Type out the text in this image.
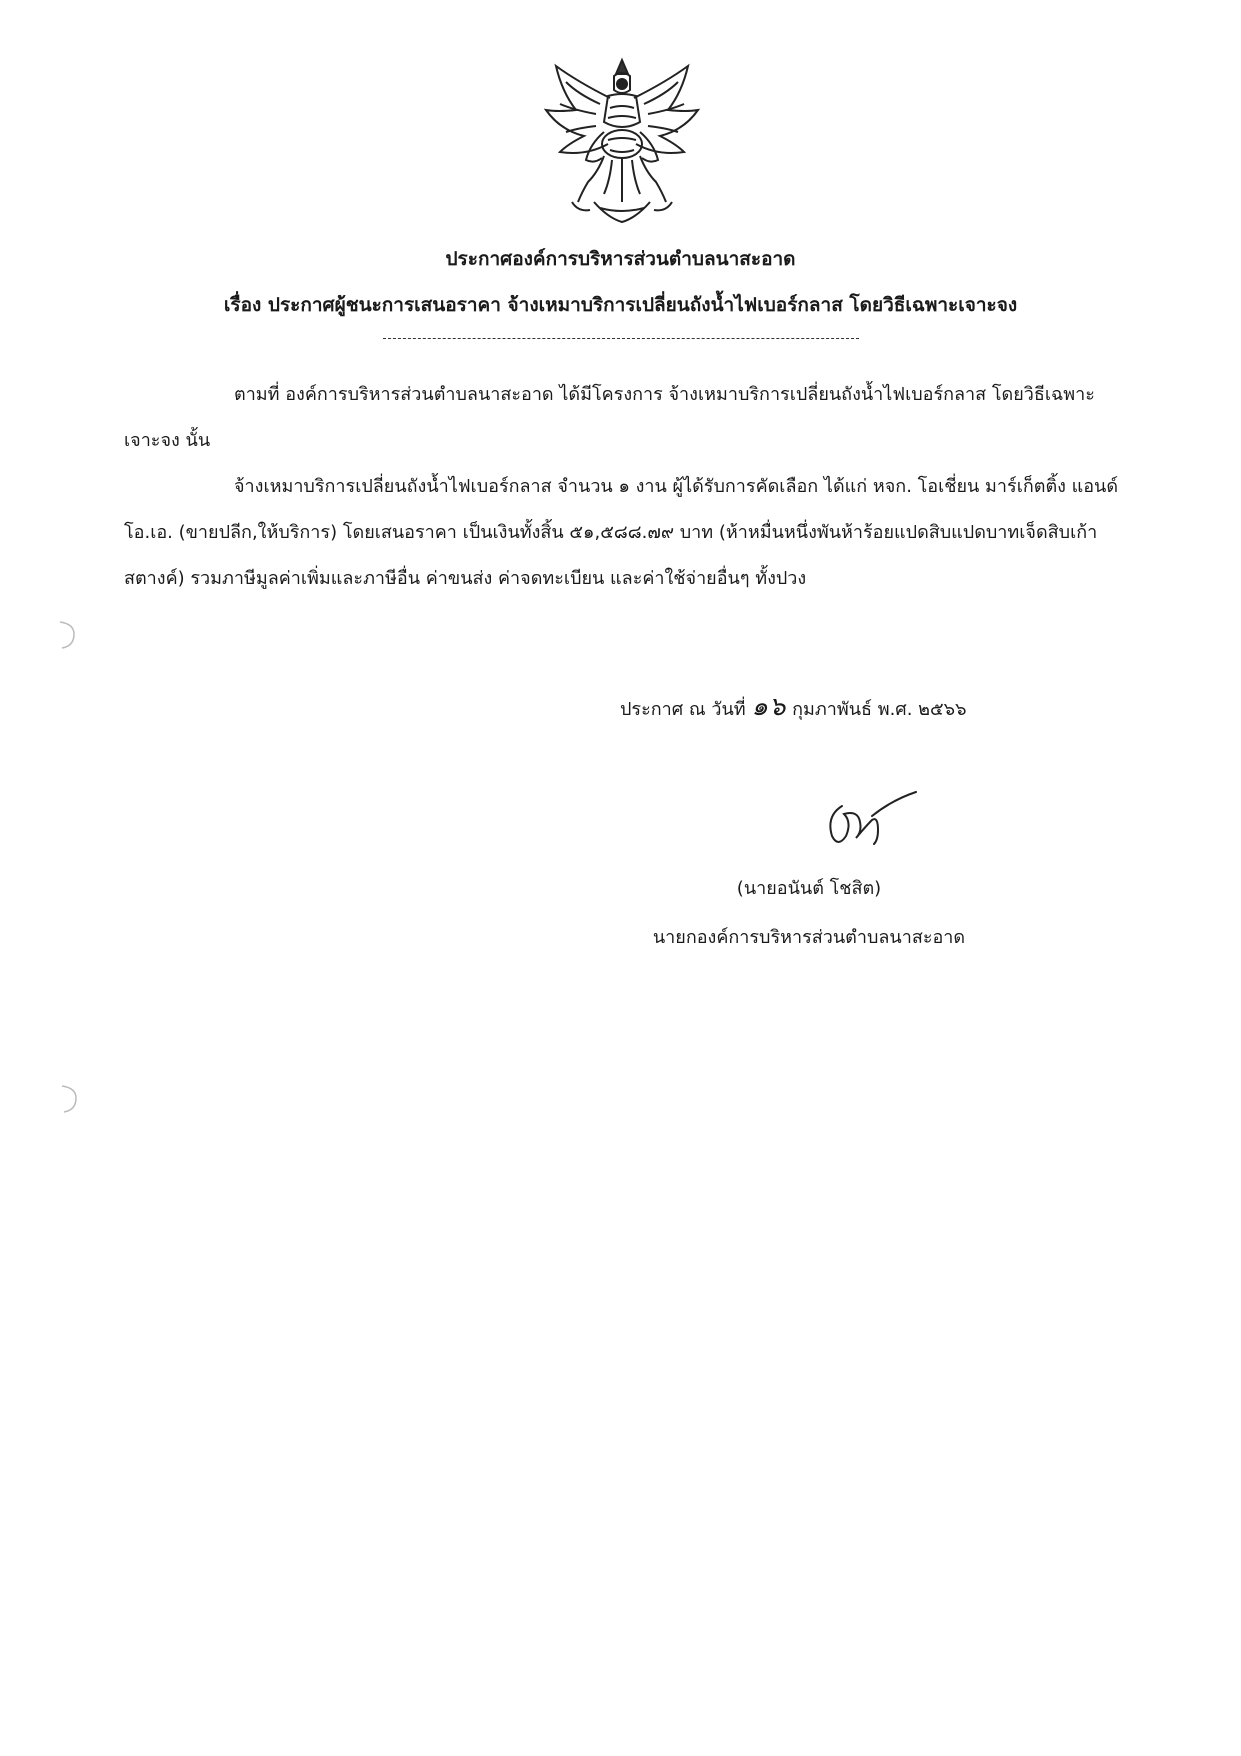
ประกาศองค์การบริหารส่วนตำบลนาสะอาด
เรื่อง ประกาศผู้ชนะการเสนอราคา จ้างเหมาบริการเปลี่ยนถังน้ำไฟเบอร์กลาส โดยวิธีเฉพาะเจาะจง
ตามที่ องค์การบริหารส่วนตำบลนาสะอาด ได้มีโครงการ จ้างเหมาบริการเปลี่ยนถังน้ำไฟเบอร์กลาส โดยวิธีเฉพาะเจาะจง นั้น
จ้างเหมาบริการเปลี่ยนถังน้ำไฟเบอร์กลาส จำนวน ๑ งาน ผู้ได้รับการคัดเลือก ได้แก่ หจก. โอเชี่ยน มาร์เก็ตติ้ง แอนด์ โอ.เอ. (ขายปลีก,ให้บริการ) โดยเสนอราคา เป็นเงินทั้งสิ้น ๕๑,๕๘๘.๗๙ บาท (ห้าหมื่นหนึ่งพันห้าร้อยแปดสิบแปดบาทเจ็ดสิบเก้าสตางค์) รวมภาษีมูลค่าเพิ่มและภาษีอื่น ค่าขนส่ง ค่าจดทะเบียน และค่าใช้จ่ายอื่นๆ ทั้งปวง
ประกาศ ณ วันที่ ๑๖ กุมภาพันธ์ พ.ศ. ๒๕๖๖
(นายอนันต์ โชสิต)
นายกองค์การบริหารส่วนตำบลนาสะอาด
